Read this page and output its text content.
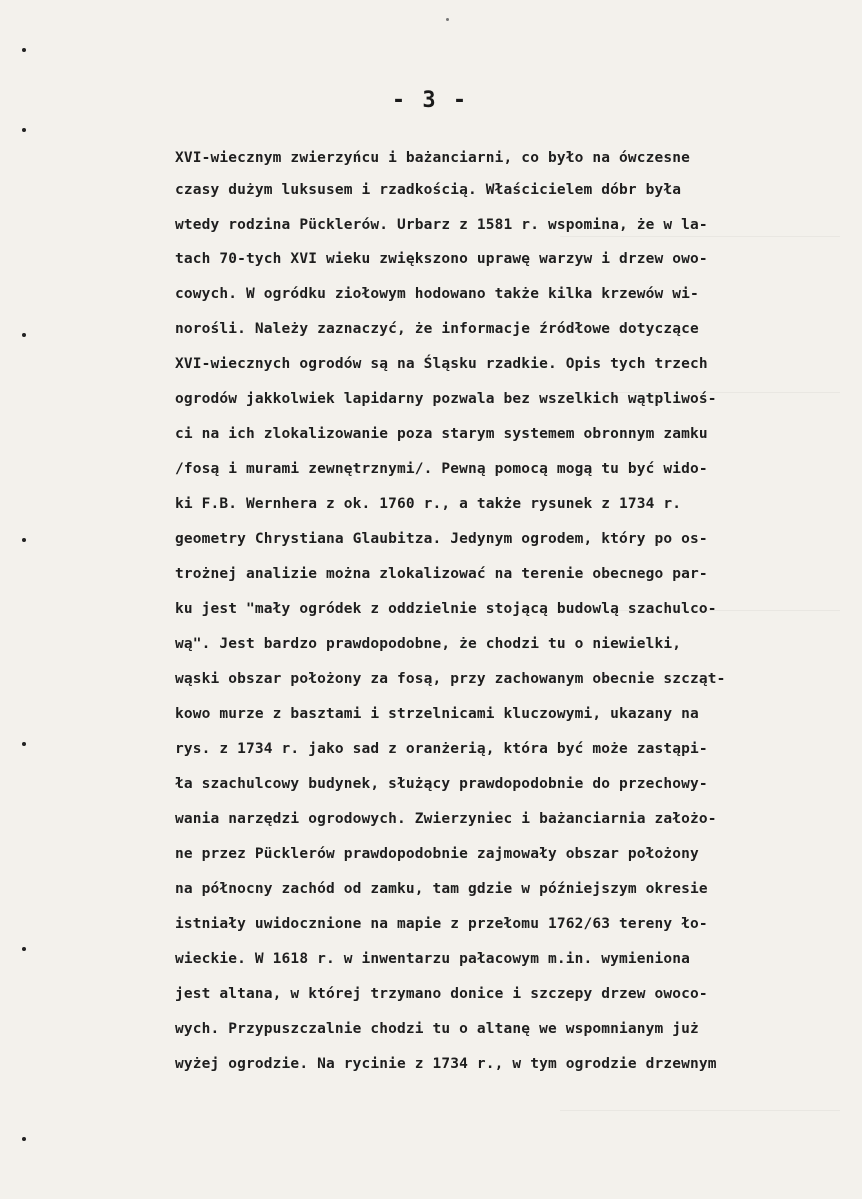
- 3 -
XVI-wiecznym zwierzyńcu i bażanciarni, co było na ówczesne
czasy dużym luksusem i rzadkością. Właścicielem dóbr była
wtedy rodzina Pücklerów. Urbarz z 1581 r. wspomina, że w la-
tach 70-tych XVI wieku zwiększono uprawę warzyw i drzew owo-
cowych. W ogródku ziołowym hodowano także kilka krzewów wi-
norośli. Należy zaznaczyć, że informacje źródłowe dotyczące
XVI-wiecznych ogrodów są na Śląsku rzadkie. Opis tych trzech
ogrodów jakkolwiek lapidarny pozwala bez wszelkich wątpliwoś-
ci na ich zlokalizowanie poza starym systemem obronnym zamku
/fosą i murami zewnętrznymi/. Pewną pomocą mogą tu być wido-
ki F.B. Wernhera z ok. 1760 r., a także rysunek z 1734 r.
geometry Chrystiana Glaubitza. Jedynym ogrodem, który po os-
trożnej analizie można zlokalizować na terenie obecnego par-
ku jest "mały ogródek z oddzielnie stojącą budowlą szachulco-
wą". Jest bardzo prawdopodobne, że chodzi tu o niewielki,
wąski obszar położony za fosą, przy zachowanym obecnie szcząt-
kowo murze z basztami i strzelnicami kluczowymi, ukazany na
rys. z 1734 r. jako sad z oranżerią, która być może zastąpi-
ła szachulcowy budynek, służący prawdopodobnie do przechowy-
wania narzędzi ogrodowych. Zwierzyniec i bażanciarnia założo-
ne przez Pücklerów prawdopodobnie zajmowały obszar położony
na północny zachód od zamku, tam gdzie w późniejszym okresie
istniały uwidocznione na mapie z przełomu 1762/63 tereny ło-
wieckie. W 1618 r. w inwentarzu pałacowym m.in. wymieniona
jest altana, w której trzymano donice i szczepy drzew owoco-
wych. Przypuszczalnie chodzi tu o altanę we wspomnianym już
wyżej ogrodzie. Na rycinie z 1734 r., w tym ogrodzie drzewnym
